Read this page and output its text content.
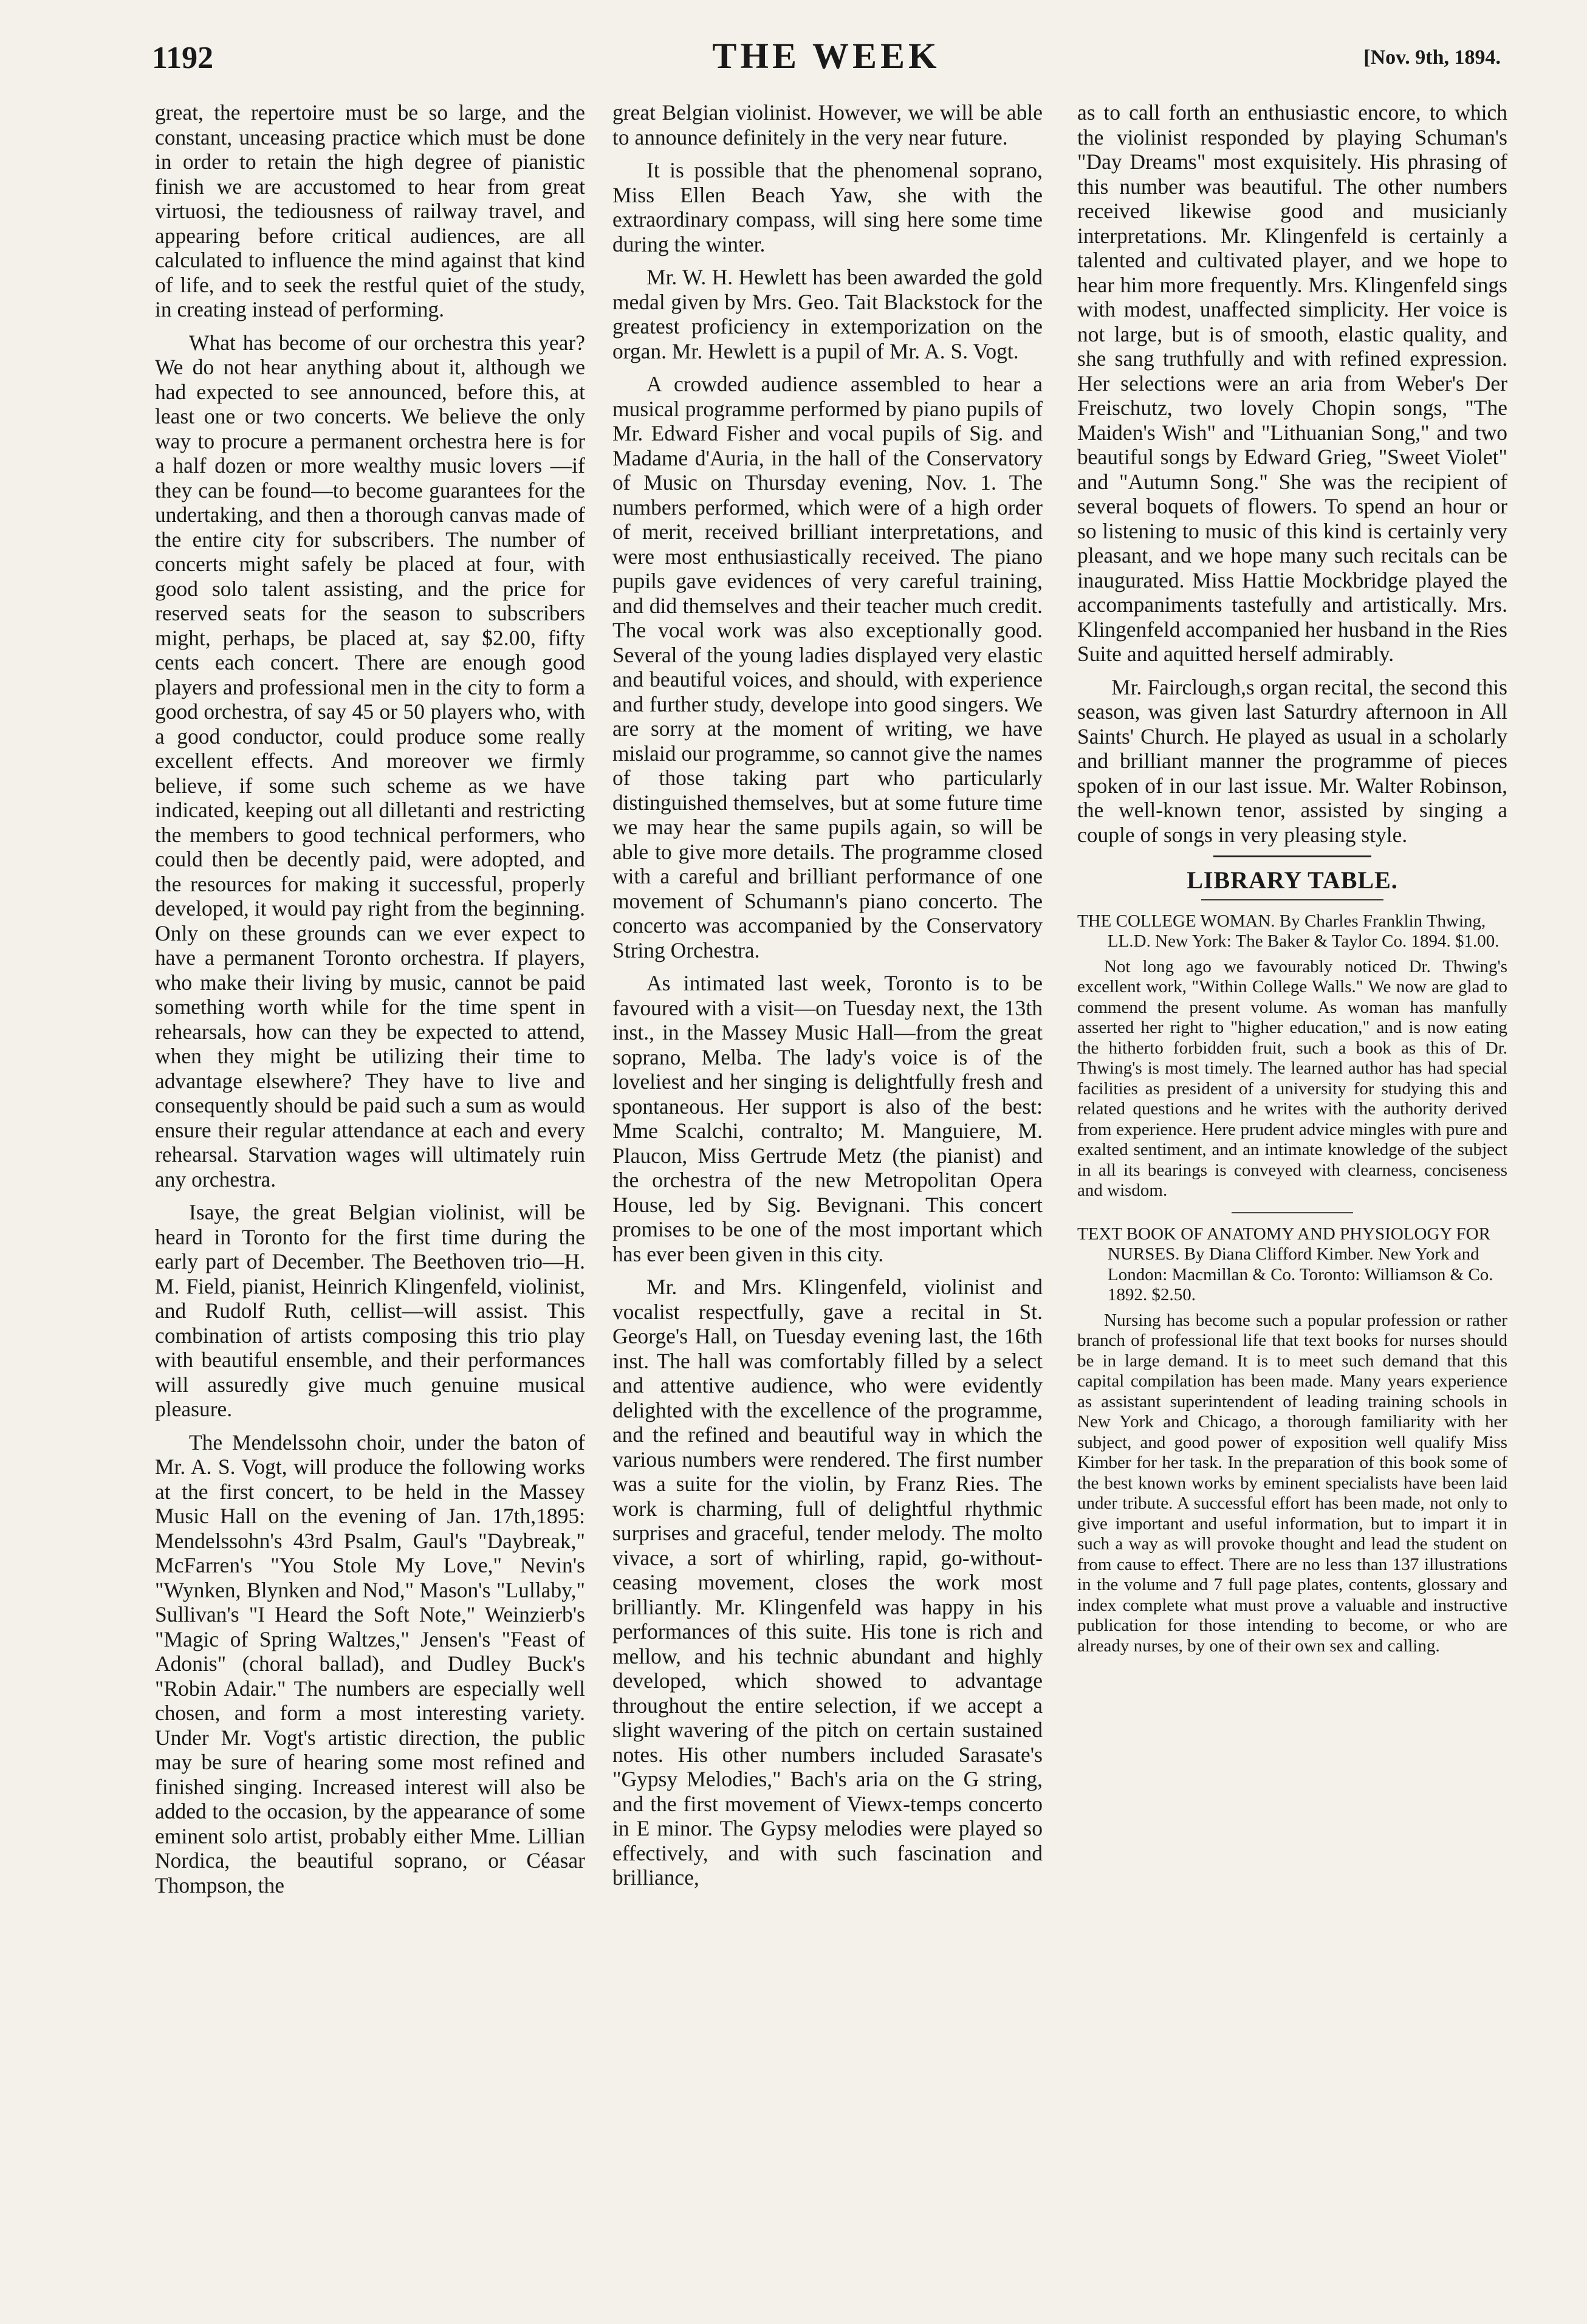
1192	THE WEEK	[Nov. 9th, 1894.

great, the repertoire must be so large, and the constant, unceasing practice which must be done in order to retain the high degree of pianistic finish we are accustomed to hear from great virtuosi, the tediousness of railway travel, and appearing before critical audiences, are all calculated to influence the mind against that kind of life, and to seek the restful quiet of the study, in creating instead of performing.

What has become of our orchestra this year? We do not hear anything about it, although we had expected to see announced, before this, at least one or two concerts. We believe the only way to procure a permanent orchestra here is for a half dozen or more wealthy music lovers —if they can be found—to become guarantees for the undertaking, and then a thorough canvas made of the entire city for subscribers. The number of concerts might safely be placed at four, with good solo talent assisting, and the price for reserved seats for the season to subscribers might, perhaps, be placed at, say $2.00, fifty cents each concert. There are enough good players and professional men in the city to form a good orchestra, of say 45 or 50 players who, with a good conductor, could produce some really excellent effects. And moreover we firmly believe, if some such scheme as we have indicated, keeping out all dilletanti and restricting the members to good technical performers, who could then be decently paid, were adopted, and the resources for making it successful, properly developed, it would pay right from the beginning. Only on these grounds can we ever expect to have a permanent Toronto orchestra. If players, who make their living by music, cannot be paid something worth while for the time spent in rehearsals, how can they be expected to attend, when they might be utilizing their time to advantage elsewhere? They have to live and consequently should be paid such a sum as would ensure their regular attendance at each and every rehearsal. Starvation wages will ultimately ruin any orchestra.

Isaye, the great Belgian violinist, will be heard in Toronto for the first time during the early part of December. The Beethoven trio—H. M. Field, pianist, Heinrich Klingenfeld, violinist, and Rudolf Ruth, cellist—will assist. This combination of artists composing this trio play with beautiful ensemble, and their performances will assuredly give much genuine musical pleasure.

The Mendelssohn choir, under the baton of Mr. A. S. Vogt, will produce the following works at the first concert, to be held in the Massey Music Hall on the evening of Jan. 17th,1895: Mendelssohn's 43rd Psalm, Gaul's "Daybreak," McFarren's "You Stole My Love," Nevin's "Wynken, Blynken and Nod," Mason's "Lullaby," Sullivan's "I Heard the Soft Note," Weinzierb's "Magic of Spring Waltzes," Jensen's "Feast of Adonis" (choral ballad), and Dudley Buck's "Robin Adair." The numbers are especially well chosen, and form a most interesting variety. Under Mr. Vogt's artistic direction, the public may be sure of hearing some most refined and finished singing. Increased interest will also be added to the occasion, by the appearance of some eminent solo artist, probably either Mme. Lillian Nordica, the beautiful soprano, or Céasar Thompson, the

great Belgian violinist. However, we will be able to announce definitely in the very near future.

It is possible that the phenomenal soprano, Miss Ellen Beach Yaw, she with the extraordinary compass, will sing here some time during the winter.

Mr. W. H. Hewlett has been awarded the gold medal given by Mrs. Geo. Tait Blackstock for the greatest proficiency in extemporization on the organ. Mr. Hewlett is a pupil of Mr. A. S. Vogt.

A crowded audience assembled to hear a musical programme performed by piano pupils of Mr. Edward Fisher and vocal pupils of Sig. and Madame d'Auria, in the hall of the Conservatory of Music on Thursday evening, Nov. 1. The numbers performed, which were of a high order of merit, received brilliant interpretations, and were most enthusiastically received. The piano pupils gave evidences of very careful training, and did themselves and their teacher much credit. The vocal work was also exceptionally good. Several of the young ladies displayed very elastic and beautiful voices, and should, with experience and further study, develope into good singers. We are sorry at the moment of writing, we have mislaid our programme, so cannot give the names of those taking part who particularly distinguished themselves, but at some future time we may hear the same pupils again, so will be able to give more details. The programme closed with a careful and brilliant performance of one movement of Schumann's piano concerto. The concerto was accompanied by the Conservatory String Orchestra.

As intimated last week, Toronto is to be favoured with a visit—on Tuesday next, the 13th inst., in the Massey Music Hall—from the great soprano, Melba. The lady's voice is of the loveliest and her singing is delightfully fresh and spontaneous. Her support is also of the best: Mme Scalchi, contralto; M. Manguiere, M. Plaucon, Miss Gertrude Metz (the pianist) and the orchestra of the new Metropolitan Opera House, led by Sig. Bevignani. This concert promises to be one of the most important which has ever been given in this city.

Mr. and Mrs. Klingenfeld, violinist and vocalist respectfully, gave a recital in St. George's Hall, on Tuesday evening last, the 16th inst. The hall was comfortably filled by a select and attentive audience, who were evidently delighted with the excellence of the programme, and the refined and beautiful way in which the various numbers were rendered. The first number was a suite for the violin, by Franz Ries. The work is charming, full of delightful rhythmic surprises and graceful, tender melody. The molto vivace, a sort of whirling, rapid, go-without-ceasing movement, closes the work most brilliantly. Mr. Klingenfeld was happy in his performances of this suite. His tone is rich and mellow, and his technic abundant and highly developed, which showed to advantage throughout the entire selection, if we accept a slight wavering of the pitch on certain sustained notes. His other numbers included Sarasate's "Gypsy Melodies," Bach's aria on the G string, and the first movement of Viewx-temps concerto in E minor. The Gypsy melodies were played so effectively, and with such fascination and brilliance,

as to call forth an enthusiastic encore, to which the violinist responded by playing Schuman's "Day Dreams" most exquisitely. His phrasing of this number was beautiful. The other numbers received likewise good and musicianly interpretations. Mr. Klingenfeld is certainly a talented and cultivated player, and we hope to hear him more frequently. Mrs. Klingenfeld sings with modest, unaffected simplicity. Her voice is not large, but is of smooth, elastic quality, and she sang truthfully and with refined expression. Her selections were an aria from Weber's Der Freischutz, two lovely Chopin songs, "The Maiden's Wish" and "Lithuanian Song," and two beautiful songs by Edward Grieg, "Sweet Violet" and "Autumn Song." She was the recipient of several boquets of flowers. To spend an hour or so listening to music of this kind is certainly very pleasant, and we hope many such recitals can be inaugurated. Miss Hattie Mockbridge played the accompaniments tastefully and artistically. Mrs. Klingenfeld accompanied her husband in the Ries Suite and aquitted herself admirably.

Mr. Fairclough,s organ recital, the second this season, was given last Saturdry afternoon in All Saints' Church. He played as usual in a scholarly and brilliant manner the programme of pieces spoken of in our last issue. Mr. Walter Robinson, the well-known tenor, assisted by singing a couple of songs in very pleasing style.

LIBRARY TABLE.

THE COLLEGE WOMAN. By Charles Franklin Thwing, LL.D. New York: The Baker & Taylor Co. 1894. $1.00.

Not long ago we favourably noticed Dr. Thwing's excellent work, "Within College Walls." We now are glad to commend the present volume. As woman has manfully asserted her right to "higher education," and is now eating the hitherto forbidden fruit, such a book as this of Dr. Thwing's is most timely. The learned author has had special facilities as president of a university for studying this and related questions and he writes with the authority derived from experience. Here prudent advice mingles with pure and exalted sentiment, and an intimate knowledge of the subject in all its bearings is conveyed with clearness, conciseness and wisdom.

TEXT BOOK OF ANATOMY AND PHYSIOLOGY FOR NURSES. By Diana Clifford Kimber. New York and London: Macmillan & Co. Toronto: Williamson & Co. 1892. $2.50.

Nursing has become such a popular profession or rather branch of professional life that text books for nurses should be in large demand. It is to meet such demand that this capital compilation has been made. Many years experience as assistant superintendent of leading training schools in New York and Chicago, a thorough familiarity with her subject, and good power of exposition well qualify Miss Kimber for her task. In the preparation of this book some of the best known works by eminent specialists have been laid under tribute. A successful effort has been made, not only to give important and useful information, but to impart it in such a way as will provoke thought and lead the student on from cause to effect. There are no less than 137 illustrations in the volume and 7 full page plates, contents, glossary and index complete what must prove a valuable and instructive publication for those intending to become, or who are already nurses, by one of their own sex and calling.
